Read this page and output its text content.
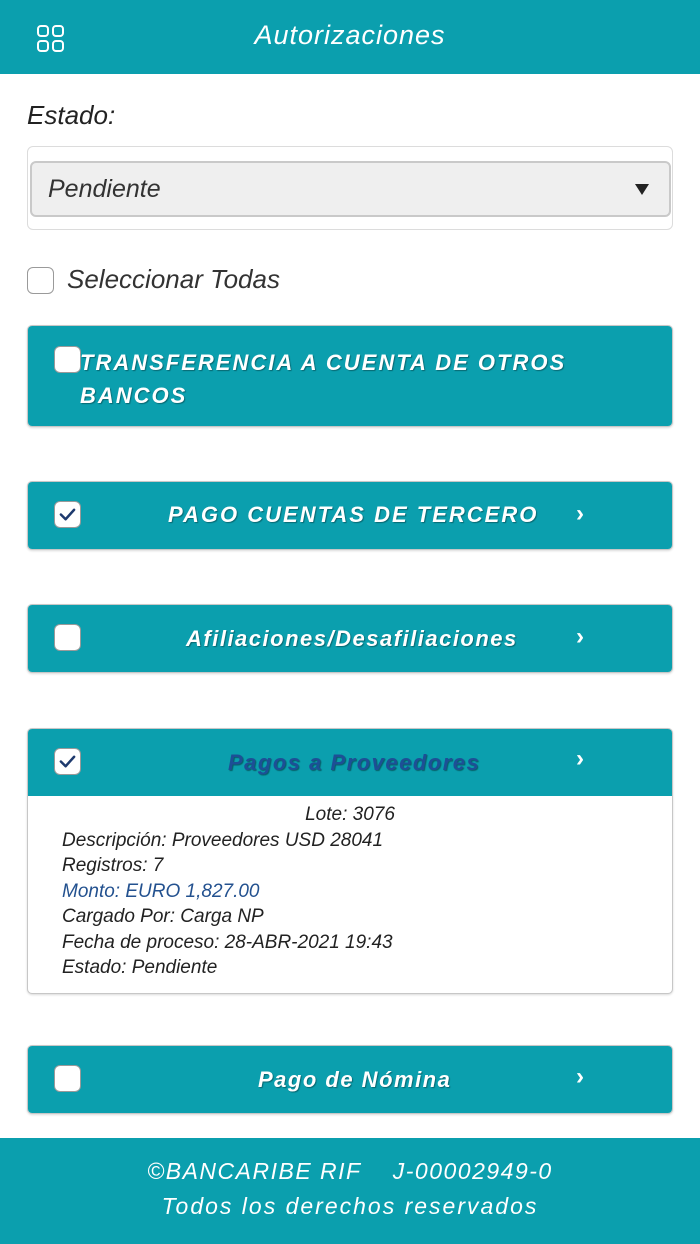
Autorizaciones
Estado:
Pendiente
Seleccionar Todas
TRANSFERENCIA A CUENTA DE OTROS BANCOS
PAGO CUENTAS DE TERCERO ›
Afiliaciones/Desafiliaciones ›
Pagos a Proveedores	›
Lote: 3076
Descripción: Proveedores USD 28041
Registros: 7
Monto: EURO 1,827.00
Cargado Por: Carga NP
Fecha de proceso: 28-ABR-2021 19:43
Estado: Pendiente
Pago de Nómina	›
©BANCARIBE RIF    J-00002949-0
Todos los derechos reservados
